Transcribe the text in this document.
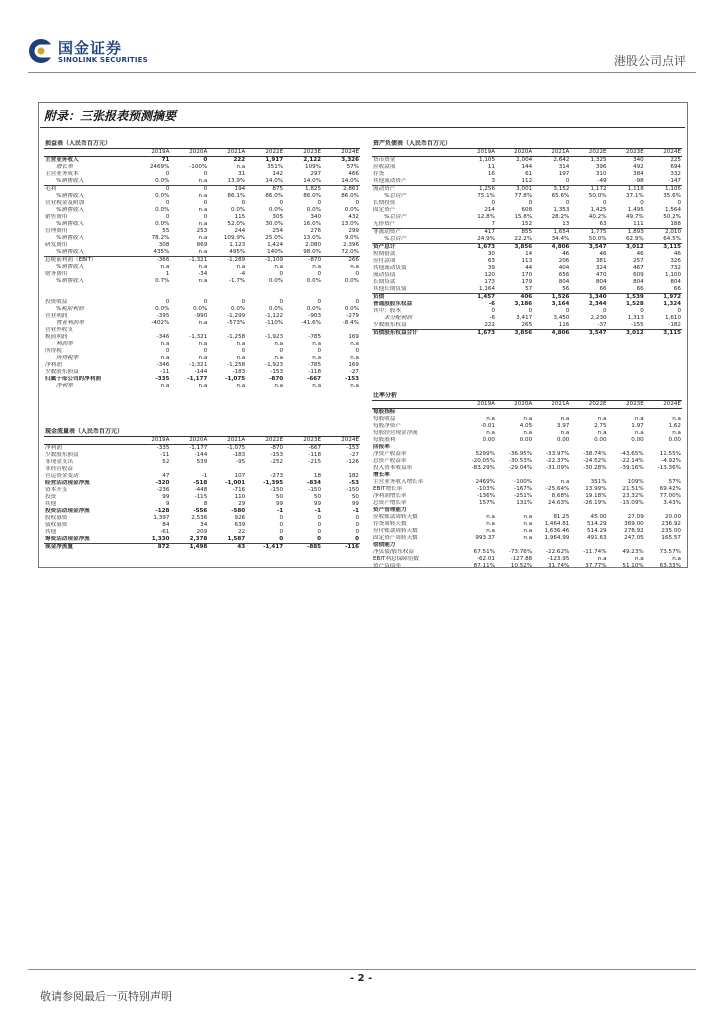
国金证券
SINOLINK SECURITIES	港股公司点评
附录：三张报表预测摘要
损益表（人民币百万元）						
	2019A	2020A	2021A	2022E	2023E	2024E
主营业务收入	71	0	222	1,917	2,122	3,326
增长率	2469%	-100%	n.a	351%	109%	57%
主营业务成本	0	0	31	142	297	466
%销售收入	0.0%	n.a	13.9%	14.0%	14.0%	14.0%
毛利	0	0	194	875	1,825	2,861
%销售收入	0.0%	n.a	86.1%	86.0%	86.0%	86.0%
营业税金及附加	0	0	0	0	0	0
%销售收入	0.0%	n.a	0.0%	0.0%	0.0%	0.0%
销售费用	0	0	115	305	340	432
%销售收入	0.0%	n.a	52.0%	30.0%	16.0%	13.0%
管理费用	55	253	244	254	276	299
%销售收入	78.2%	n.a	109.9%	25.0%	13.0%	9.0%
研发费用	308	869	1,123	1,424	2,080	2,396
%销售收入	435%	n.a	495%	140%	98.0%	72.0%
息税前利润（EBIT）	-366	-1,321	-1,289	-1,109	-870	266
%销售收入	n.a	n.a	n.a	n.a	n.a	n.a
财务费用	1	-34	-4	0	0	0
%销售收入	0.7%	n.a	-1.7%	0.0%	0.0%	0.0%

投资收益	0	0	0	0	0	0
%税前利润	0.0%	0.0%	0.0%	0.0%	0.0%	0.0%
营业利润	-395	-990	-1,299	-1,122	-903	-279
营业利润率	-402%	n.a	-573%	-110%	-41.6%	-8.4%
营业外收支						
税前利润	-346	-1,321	-1,258	-1,923	-785	169
利润率	n.a	n.a	n.a	n.a	n.a	n.a
所得税	0	0	0	0	0	0
所得税率	n.a	n.a	n.a	n.a	n.a	n.a
净利润	-346	-1,321	-1,258	-1,923	-785	169
少数股东损益	-11	-144	-183	-153	-118	-27
归属于母公司的净利润	-335	-1,177	-1,075	-870	-667	-153
净利率	n.a	n.a	n.a	n.a	n.a	n.a
资产负债表（人民币百万元）						
	2019A	2020A	2021A	2022E	2023E	2024E
货币资金	1,105	2,004	2,642	1,325	340	225
应收款项	11	144	314	396	492	694
存货	16	61	197	310	384	332
其他流动资产	3	112	0	-49	-98	-147
流动资产	1,256	3,001	3,152	1,172	1,118	1,105
%总资产	75.1%	77.8%	65.6%	50.0%	37.1%	35.6%
长期投资	0	0	0	0	0	0
固定资产	214	608	1,353	1,425	1,495	1,564
%总资产	12.8%	15.8%	28.2%	40.2%	49.7%	50.2%
无形资产	7	152	13	63	111	188
非流动资产	417	855	1,654	1,775	1,893	2,010
%总资产	24.9%	22.2%	34.4%	50.0%	62.9%	64.5%
资产总计	1,673	3,856	4,806	3,547	3,012	3,115
短期借款	30	14	46	46	46	46
应付款项	63	113	206	381	257	326
其他流动负债	39	44	404	324	467	732
流动负债	120	170	656	470	609	1,100
长期贷款	173	179	804	804	804	804
其他长期负债	1,164	57	56	66	66	66
负债	1,457	406	1,526	1,340	1,539	1,972
普通股股东权益	-6	3,186	3,164	2,344	1,528	1,324
其中：股本	0	0	0	0	0	0
未分配利润	-6	3,417	3,450	2,230	1,313	1,610
少数股东权益	222	265	116	-37	-155	-182
负债股东权益合计	1,673	3,856	4,806	3,547	3,012	3,115
比率分析						
	2019A	2020A	2021A	2022E	2023E	2024E
每股指标						
每股收益	n.a	n.a	n.a	n.a	n.a	n.a
每股净资产	-0.01	4.05	3.97	2.75	1.97	1.62
每股经营现金净流	n.a	n.a	n.a	n.a	n.a	n.a
每股股利	0.00	0.00	0.00	0.00	0.00	0.00
回报率						
净资产收益率	5299%	-36.95%	-33.97%	-38.74%	-43.65%	11.55%
总资产收益率	-20.05%	-30.53%	-22.37%	-24.52%	-22.14%	-4.92%
投入资本收益率	-83.29%	-29.04%	-31.09%	-30.28%	-39.16%	-13.36%
增长率						
主营业务收入增长率	2469%	-100%	n.a	351%	109%	57%
EBIT增长率	-103%	-167%	-25.64%	13.99%	21.51%	69.42%
净利润增长率	-136%	-251%	8.68%	19.18%	23.32%	77.00%
总资产增长率	157%	131%	24.63%	-26.19%	-15.09%	3.43%
资产管理能力						
应收账款周转天数	n.a	n.a	81.25	45.00	27.09	20.00
存货周转天数	n.a	n.a	1,464.81	514.29	369.00	236.92
应付账款周转天数	n.a	n.a	1,636.46	514.29	278.92	235.00
固定资产周转天数	993.37	n.a	1,964.99	491.63	247.05	165.57
偿债能力						
净负债/股东权益	67.51%	-73.76%	-22.62%	-11.74%	49.23%	73.57%
EBIT利息保障倍数	-62.01	-127.88	-123.95	n.a	n.a	n.a
资产负债率	87.11%	10.52%	31.74%	37.77%	51.10%	63.33%
现金流量表（人民币百万元）						
	2019A	2020A	2021A	2022E	2023E	2024E
净利润	-335	-1,177	-1,075	-870	-667	-153
少数股东损益	-11	-144	-183	-153	-118	-27
非现金支出	52	539	-95	-252	-215	-126
非经营收益						
营运资金变动	47	-1	107	-273	18	182
经营活动现金净流	-320	-518	-1,001	-1,395	-834	-53
资本开支	-236	-448	-716	-150	-150	-150
投资	99	-115	110	50	50	50
其他	9	8	29	99	99	99
投资活动现金净流	-128	-556	-580	-1	-1	-1
股权募资	1,397	2,536	926	0	0	0
债权募资	84	34	639	0	0	0
其他	-61	209	22	0	0	0
筹资活动现金净流	1,330	2,378	1,587	0	0	0
现金净流量	872	1,498	43	-1,417	-885	-116
- 2 -
敬请参阅最后一页特别声明
